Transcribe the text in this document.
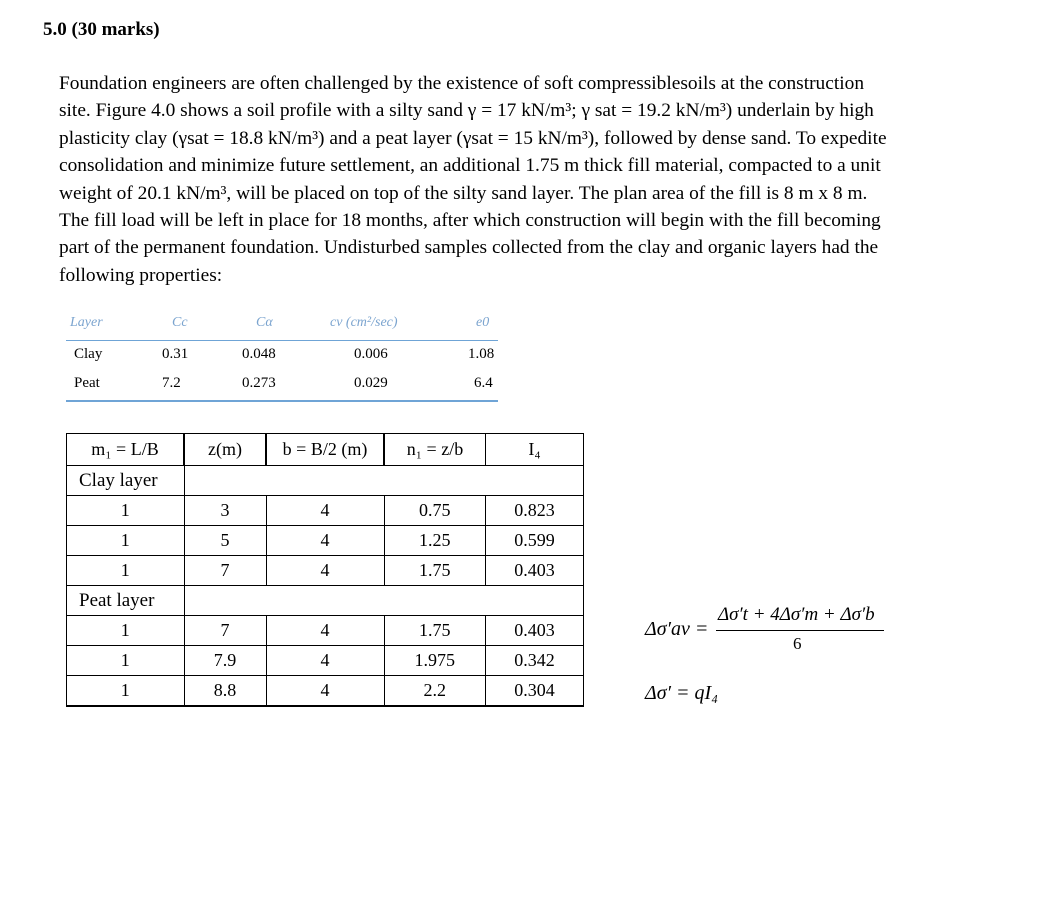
5.0 (30 marks)
Foundation engineers are often challenged by the existence of soft compressiblesoils at the construction
site. Figure 4.0 shows a soil profile with a silty sand γ = 17 kN/m³; γ sat = 19.2 kN/m³) underlain by high
plasticity clay (γsat = 18.8 kN/m³) and a peat layer (γsat = 15 kN/m³), followed by dense sand. To expedite
consolidation and minimize future settlement, an additional 1.75 m thick fill material, compacted to a unit
weight of 20.1 kN/m³, will be placed on top of the silty sand layer. The plan area of the fill is 8 m x 8 m.
The fill load will be left in place for 18 months, after which construction will begin with the fill becoming
part of the permanent foundation. Undisturbed samples collected from the clay and organic layers had the
following properties:
Layer	Cc	Cα	cv (cm²/sec)	e0
Clay	0.31	0.048	0.006	1.08
Peat	7.2	0.273	0.029	6.4
m₁ = L/B	z(m)	b = B/2 (m)	n₁ = z/b	I₄
Clay layer				
1	3	4	0.75	0.823
1	5	4	1.25	0.599
1	7	4	1.75	0.403
Peat layer				
1	7	4	1.75	0.403
1	7.9	4	1.975	0.342
1	8.8	4	2.2	0.304
Δσ′av =
Δσ′t + 4Δσ′m + Δσ′b
6
Δσ′ = qI₄
